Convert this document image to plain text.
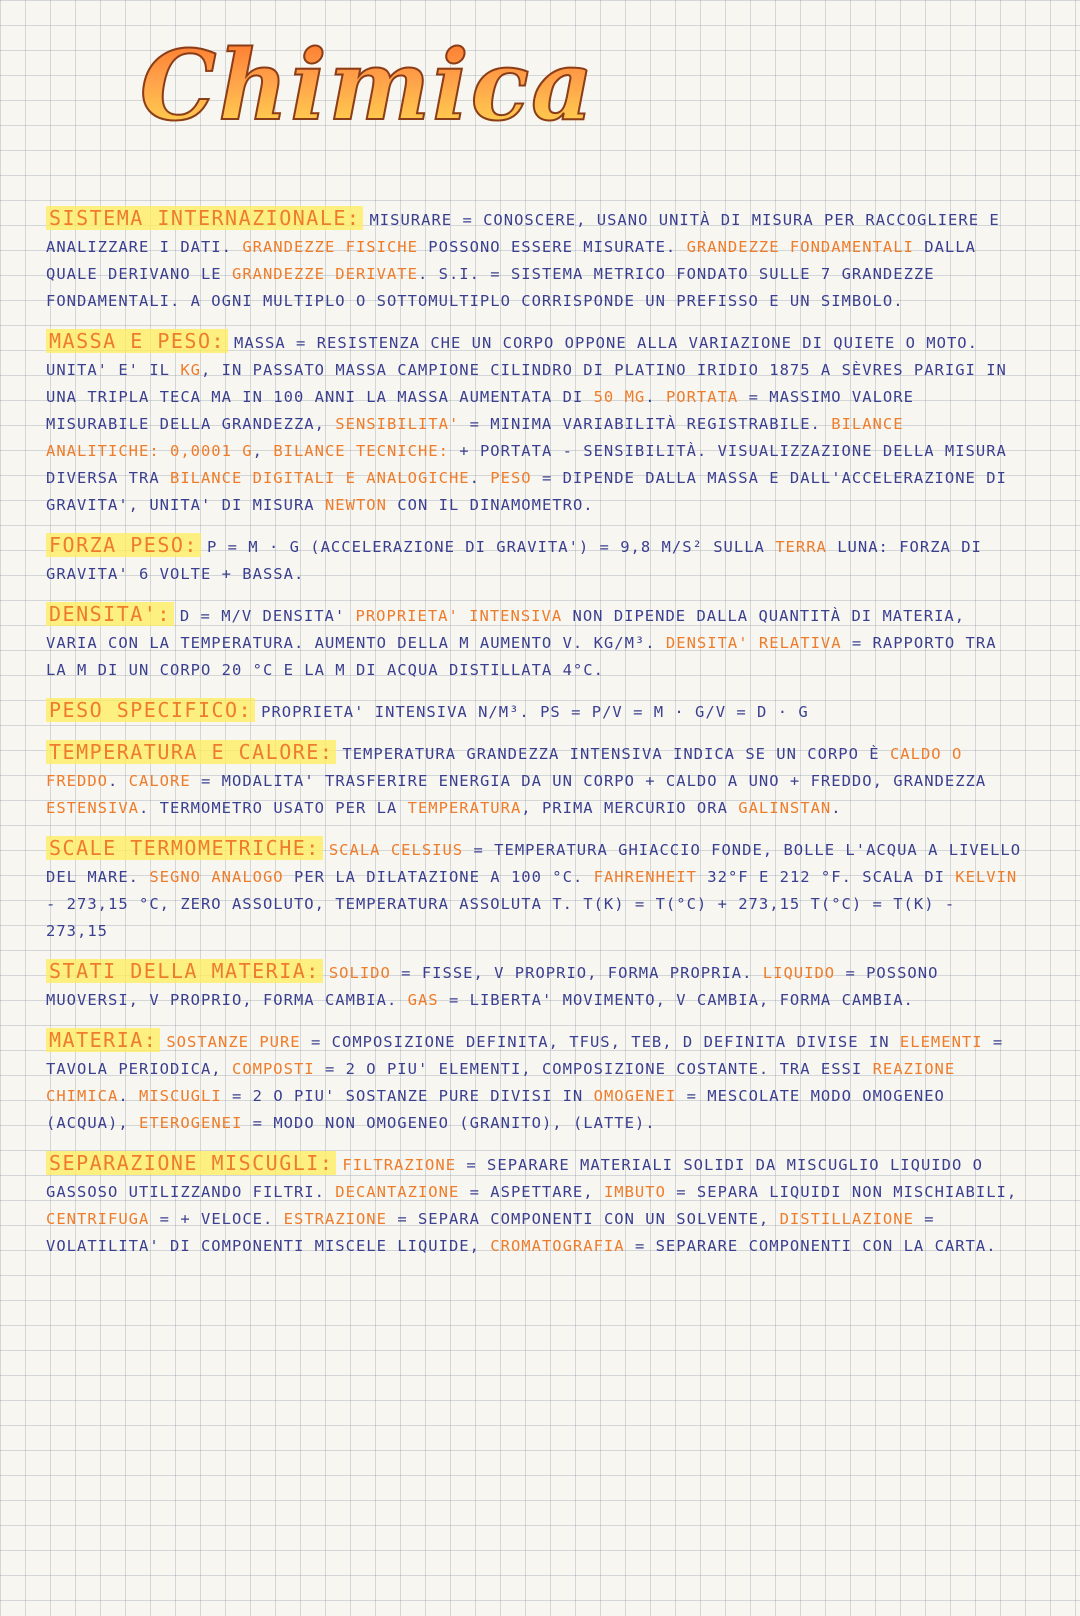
Chimica
SISTEMA INTERNAZIONALE: MISURARE = CONOSCERE, USANO UNITÀ DI MISURA PER RACCOGLIERE E ANALIZZARE I DATI. GRANDEZZE FISICHE POSSONO ESSERE MISURATE. GRANDEZZE FONDAMENTALI DALLA QUALE DERIVANO LE GRANDEZZE DERIVATE. S.I. = SISTEMA METRICO FONDATO SULLE 7 GRANDEZZE FONDAMENTALI. A OGNI MULTIPLO O SOTTOMULTIPLO CORRISPONDE UN PREFISSO E UN SIMBOLO.
MASSA E PESO: MASSA = RESISTENZA CHE UN CORPO OPPONE ALLA VARIAZIONE DI QUIETE O MOTO. UNITA' E' IL KG, IN PASSATO MASSA CAMPIONE CILINDRO DI PLATINO IRIDIO 1875 A SÈVRES PARIGI IN UNA TRIPLA TECA MA IN 100 ANNI LA MASSA AUMENTATA DI 50 ΜG. PORTATA = MASSIMO VALORE MISURABILE DELLA GRANDEZZA, SENSIBILITA' = MINIMA VARIABILITÀ REGISTRABILE. BILANCE ANALITICHE: 0,0001 G, BILANCE TECNICHE: + PORTATA - SENSIBILITÀ. VISUALIZZAZIONE DELLA MISURA DIVERSA TRA BILANCE DIGITALI E ANALOGICHE. PESO = DIPENDE DALLA MASSA E DALL'ACCELERAZIONE DI GRAVITA', UNITA' DI MISURA NEWTON CON IL DINAMOMETRO.
FORZA PESO: P = M · G (ACCELERAZIONE DI GRAVITA') = 9,8 M/S² SULLA TERRA LUNA: FORZA DI GRAVITA' 6 VOLTE + BASSA.
DENSITA': D = M/V DENSITA' PROPRIETA' INTENSIVA NON DIPENDE DALLA QUANTITÀ DI MATERIA, VARIA CON LA TEMPERATURA. AUMENTO DELLA M AUMENTO V. KG/M³. DENSITA' RELATIVA = RAPPORTO TRA LA M DI UN CORPO 20 °C E LA M DI ACQUA DISTILLATA 4°C.
PESO SPECIFICO: PROPRIETA' INTENSIVA N/M³. PS = P/V = M · G/V = D · G
TEMPERATURA E CALORE: TEMPERATURA GRANDEZZA INTENSIVA INDICA SE UN CORPO È CALDO O FREDDO. CALORE = MODALITA' TRASFERIRE ENERGIA DA UN CORPO + CALDO A UNO + FREDDO, GRANDEZZA ESTENSIVA. TERMOMETRO USATO PER LA TEMPERATURA, PRIMA MERCURIO ORA GALINSTAN.
SCALE TERMOMETRICHE: SCALA CELSIUS = TEMPERATURA GHIACCIO FONDE, BOLLE L'ACQUA A LIVELLO DEL MARE. SEGNO ANALOGO PER LA DILATAZIONE A 100 °C. FAHRENHEIT 32°F E 212 °F. SCALA DI KELVIN - 273,15 °C, ZERO ASSOLUTO, TEMPERATURA ASSOLUTA T. T(K) = T(°C) + 273,15 T(°C) = T(K) - 273,15
STATI DELLA MATERIA: SOLIDO = FISSE, V PROPRIO, FORMA PROPRIA. LIQUIDO = POSSONO MUOVERSI, V PROPRIO, FORMA CAMBIA. GAS = LIBERTA' MOVIMENTO, V CAMBIA, FORMA CAMBIA.
MATERIA: SOSTANZE PURE = COMPOSIZIONE DEFINITA, TFUS, TEB, D DEFINITA DIVISE IN ELEMENTI = TAVOLA PERIODICA, COMPOSTI = 2 O PIU' ELEMENTI, COMPOSIZIONE COSTANTE. TRA ESSI REAZIONE CHIMICA. MISCUGLI = 2 O PIU' SOSTANZE PURE DIVISI IN OMOGENEI = MESCOLATE MODO OMOGENEO (ACQUA), ETEROGENEI = MODO NON OMOGENEO (GRANITO), (LATTE).
SEPARAZIONE MISCUGLI: FILTRAZIONE = SEPARARE MATERIALI SOLIDI DA MISCUGLIO LIQUIDO O GASSOSO UTILIZZANDO FILTRI. DECANTAZIONE = ASPETTARE, IMBUTO = SEPARA LIQUIDI NON MISCHIABILI, CENTRIFUGA = + VELOCE. ESTRAZIONE = SEPARA COMPONENTI CON UN SOLVENTE, DISTILLAZIONE = VOLATILITA' DI COMPONENTI MISCELE LIQUIDE, CROMATOGRAFIA = SEPARARE COMPONENTI CON LA CARTA.
